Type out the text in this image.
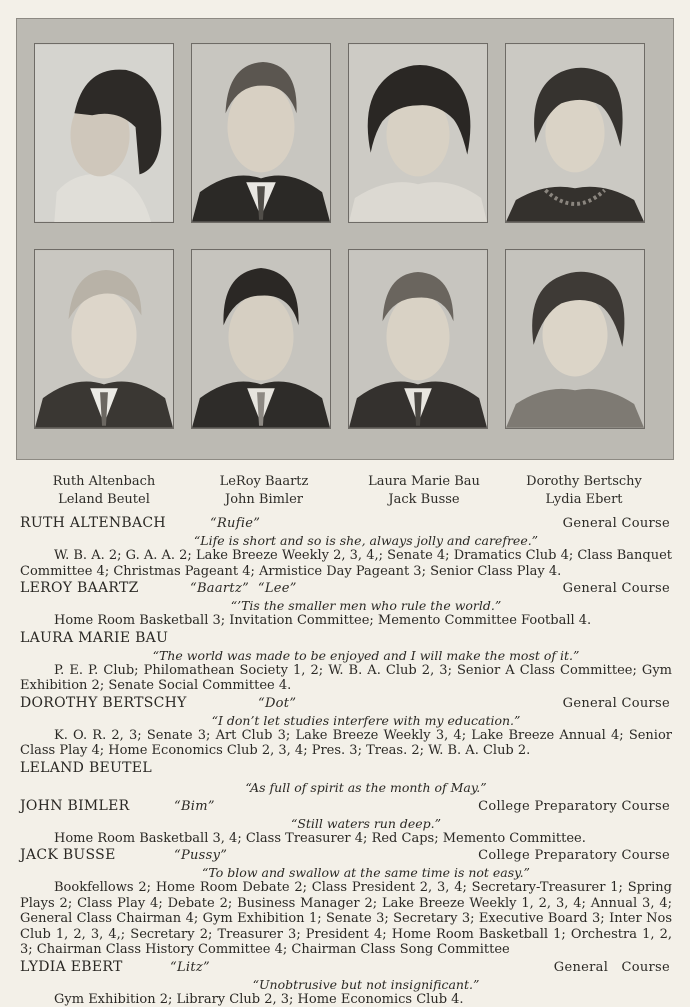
Ruth Altenbach	LeRoy Baartz	Laura Marie Bau	Dorothy Bertschy
Leland Beutel	John Bimler	Jack Busse	Lydia Ebert
RUTH ALTENBACH	“Rufie”	General Course
“Life is short and so is she, always jolly and carefree.”
W. B. A. 2; G. A. A. 2; Lake Breeze Weekly 2, 3, 4,; Senate 4; Dramatics Club 4; Class Banquet Committee 4; Christmas Pageant 4; Armistice Day Pageant 3; Senior Class Play 4.
LEROY BAARTZ	“Baartz”  “Lee”	General Course
“’Tis the smaller men who rule the world.”
Home Room Basketball 3; Invitation Committee; Memento Committee Football 4.
LAURA MARIE BAU
“The world was made to be enjoyed and I will make the most of it.”
P. E. P. Club; Philomathean Society 1, 2; W. B. A. Club 2, 3; Senior A Class Committee; Gym Exhibition 2; Senate Social Committee 4.
DOROTHY BERTSCHY	“Dot”	General Course
“I don’t let studies interfere with my education.”
K. O. R. 2, 3; Senate 3; Art Club 3; Lake Breeze Weekly 3, 4; Lake Breeze Annual 4; Senior Class Play 4; Home Economics Club 2, 3, 4; Pres. 3; Treas. 2; W. B. A. Club 2.
LELAND BEUTEL
“As full of spirit as the month of May.”
JOHN BIMLER	“Bim”	College Preparatory Course
“Still waters run deep.”
Home Room Basketball 3, 4; Class Treasurer 4; Red Caps; Memento Committee.
JACK BUSSE	“Pussy”	College Preparatory Course
“To blow and swallow at the same time is not easy.”
Bookfellows 2; Home Room Debate 2; Class President 2, 3, 4; Secretary-Treasurer 1; Spring Plays 2; Class Play 4; Debate 2; Business Manager 2; Lake Breeze Weekly 1, 2, 3, 4; Annual 3, 4; General Class Chairman 4; Gym Exhibition 1; Senate 3; Secretary 3; Executive Board 3; Inter Nos Club 1, 2, 3, 4,; Secretary 2; Treasurer 3; President 4; Home Room Basketball 1; Orchestra 1, 2, 3; Chairman Class History Committee 4; Chairman Class Song Committee
LYDIA EBERT	“Litz”	General   Course
“Unobtrusive but not insignificant.”
Gym Exhibition 2; Library Club 2, 3; Home Economics Club 4.
